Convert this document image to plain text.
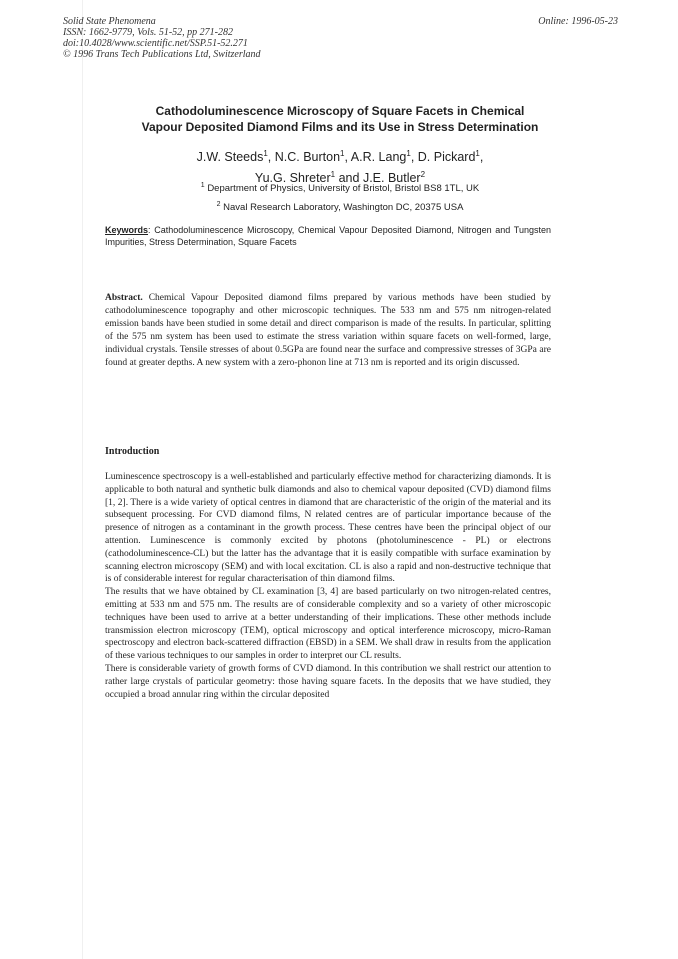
Solid State Phenomena
ISSN: 1662-9779, Vols. 51-52, pp 271-282
doi:10.4028/www.scientific.net/SSP.51-52.271
© 1996 Trans Tech Publications Ltd, Switzerland
Online: 1996-05-23
Cathodoluminescence Microscopy of Square Facets in Chemical
Vapour Deposited Diamond Films and its Use in Stress Determination
J.W. Steeds$^1$, N.C. Burton$^1$, A.R. Lang$^1$, D. Pickard$^1$,
Yu.G. Shreter$^1$ and J.E. Butler$^2$
$^1$ Department of Physics, University of Bristol, Bristol BS8 1TL, UK
$^2$ Naval Research Laboratory, Washington DC, 20375 USA
Keywords: Cathodoluminescence Microscopy, Chemical Vapour Deposited Diamond, Nitrogen and Tungsten Impurities, Stress Determination, Square Facets
Abstract. Chemical Vapour Deposited diamond films prepared by various methods have been studied by cathodoluminescence topography and other microscopic techniques. The 533 nm and 575 nm nitrogen-related emission bands have been studied in some detail and direct comparison is made of the results. In particular, splitting of the 575 nm system has been used to estimate the stress variation within square facets on well-formed, large, individual crystals. Tensile stresses of about 0.5GPa are found near the surface and compressive stresses of 3GPa are found at greater depths. A new system with a zero-phonon line at 713 nm is reported and its origin discussed.
Introduction

Luminescence spectroscopy is a well-established and particularly effective method for characterizing diamonds. It is applicable to both natural and synthetic bulk diamonds and also to chemical vapour deposited (CVD) diamond films [1, 2]. There is a wide variety of optical centres in diamond that are characteristic of the origin of the material and its subsequent processing. For CVD diamond films, N related centres are of particular importance because of the presence of nitrogen as a contaminant in the growth process. These centres have been the principal object of our attention. Luminescence is commonly excited by photons (photoluminescence - PL) or electrons (cathodoluminescence-CL) but the latter has the advantage that it is easily compatible with surface examination by scanning electron microscopy (SEM) and with local excitation. CL is also a rapid and non-destructive technique that is of considerable interest for regular characterisation of thin diamond films.

The results that we have obtained by CL examination [3, 4] are based particularly on two nitrogen-related centres, emitting at 533 nm and 575 nm. The results are of considerable complexity and so a variety of other microscopic techniques have been used to arrive at a better understanding of their implications. These other methods include transmission electron microscopy (TEM), optical microscopy and optical interference microscopy, micro-Raman spectroscopy and electron back-scattered diffraction (EBSD) in a SEM. We shall draw in results from the application of these various techniques to our samples in order to interpret our CL results.

There is considerable variety of growth forms of CVD diamond. In this contribution we shall restrict our attention to rather large crystals of particular geometry: those having square facets. In the deposits that we have studied, they occupied a broad annular ring within the circular deposited
